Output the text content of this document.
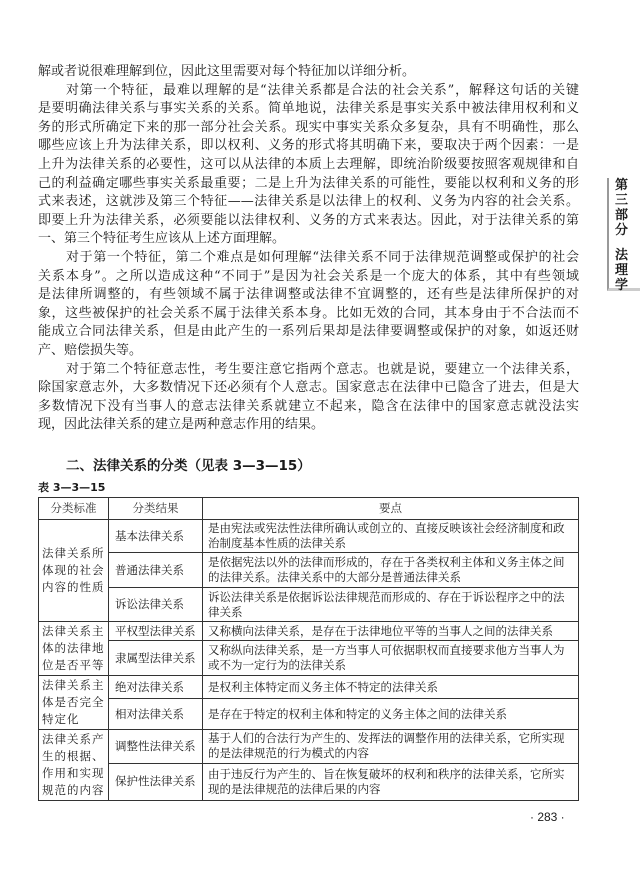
解或者说很难理解到位，因此这里需要对每个特征加以详细分析。
对第一个特征，最难以理解的是“法律关系都是合法的社会关系”，解释这句话的关键
是要明确法律关系与事实关系的关系。简单地说，法律关系是事实关系中被法律用权利和义
务的形式所确定下来的那一部分社会关系。现实中事实关系众多复杂，具有不明确性，那么
哪些应该上升为法律关系，即以权利、义务的形式将其明确下来，要取决于两个因素：一是
上升为法律关系的必要性，这可以从法律的本质上去理解，即统治阶级要按照客观规律和自
己的利益确定哪些事实关系最重要；二是上升为法律关系的可能性，要能以权利和义务的形
式来表述，这就涉及第三个特征——法律关系是以法律上的权利、义务为内容的社会关系。
即要上升为法律关系，必须要能以法律权利、义务的方式来表达。因此，对于法律关系的第
一、第三个特征考生应该从上述方面理解。
对于第一个特征，第二个难点是如何理解“法律关系不同于法律规范调整或保护的社会
关系本身”。之所以造成这种“不同于”是因为社会关系是一个庞大的体系，其中有些领域
是法律所调整的，有些领域不属于法律调整或法律不宜调整的，还有些是法律所保护的对
象，这些被保护的社会关系不属于法律关系本身。比如无效的合同，其本身由于不合法而不
能成立合同法律关系，但是由此产生的一系列后果却是法律要调整或保护的对象，如返还财
产、赔偿损失等。
对于第二个特征意志性，考生要注意它指两个意志。也就是说，要建立一个法律关系，
除国家意志外，大多数情况下还必须有个人意志。国家意志在法律中已隐含了进去，但是大
多数情况下没有当事人的意志法律关系就建立不起来，隐含在法律中的国家意志就没法实
现，因此法律关系的建立是两种意志作用的结果。
二、法律关系的分类（见表 3—3—15）
表 3—3—15
分类标准	分类结果	要点
法律关系所体现的社会内容的性质	基本法律关系	是由宪法或宪法性法律所确认或创立的、直接反映该社会经济制度和政治制度基本性质的法律关系
	普通法律关系	是依据宪法以外的法律而形成的，存在于各类权利主体和义务主体之间的法律关系。法律关系中的大部分是普通法律关系
	诉讼法律关系	诉讼法律关系是依据诉讼法律规范而形成的、存在于诉讼程序之中的法律关系
法律关系主体的法律地位是否平等	平权型法律关系	又称横向法律关系，是存在于法律地位平等的当事人之间的法律关系
	隶属型法律关系	又称纵向法律关系，是一方当事人可依据职权而直接要求他方当事人为或不为一定行为的法律关系
法律关系主体是否完全特定化	绝对法律关系	是权利主体特定而义务主体不特定的法律关系
	相对法律关系	是存在于特定的权利主体和特定的义务主体之间的法律关系
法律关系产生的根据、作用和实现规范的内容	调整性法律关系	基于人们的合法行为产生的、发挥法的调整作用的法律关系，它所实现的是法律规范的行为模式的内容
	保护性法律关系	由于违反行为产生的、旨在恢复破坏的权利和秩序的法律关系，它所实现的是法律规范的法律后果的内容
第三部分
法理学
· 283 ·
